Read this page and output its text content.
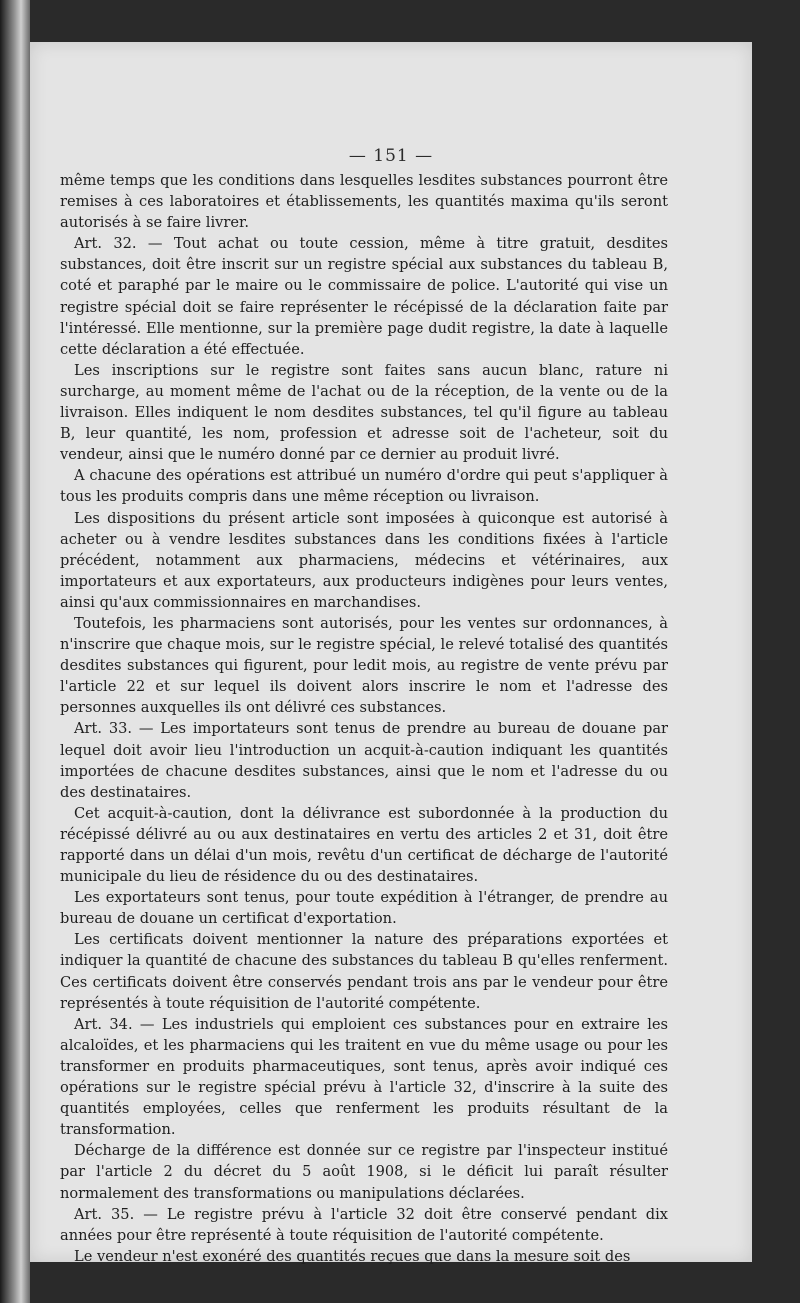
— 151 —

même temps que les conditions dans lesquelles lesdites substances pourront être remises à ces laboratoires et établissements, les quantités maxima qu'ils seront autorisés à se faire livrer.

Art. 32. — Tout achat ou toute cession, même à titre gratuit, desdites substances, doit être inscrit sur un registre spécial aux substances du tableau B, coté et paraphé par le maire ou le commissaire de police. L'autorité qui vise un registre spécial doit se faire représenter le récépissé de la déclaration faite par l'intéressé. Elle mentionne, sur la première page dudit registre, la date à laquelle cette déclaration a été effectuée.

Les inscriptions sur le registre sont faites sans aucun blanc, rature ni surcharge, au moment même de l'achat ou de la réception, de la vente ou de la livraison. Elles indiquent le nom desdites substances, tel qu'il figure au tableau B, leur quantité, les nom, profession et adresse soit de l'acheteur, soit du vendeur, ainsi que le numéro donné par ce dernier au produit livré.

A chacune des opérations est attribué un numéro d'ordre qui peut s'appliquer à tous les produits compris dans une même réception ou livraison.

Les dispositions du présent article sont imposées à quiconque est autorisé à acheter ou à vendre lesdites substances dans les conditions fixées à l'article précédent, notamment aux pharmaciens, médecins et vétérinaires, aux importateurs et aux exportateurs, aux producteurs indigènes pour leurs ventes, ainsi qu'aux commissionnaires en marchandises.

Toutefois, les pharmaciens sont autorisés, pour les ventes sur ordonnances, à n'inscrire que chaque mois, sur le registre spécial, le relevé totalisé des quantités desdites substances qui figurent, pour ledit mois, au registre de vente prévu par l'article 22 et sur lequel ils doivent alors inscrire le nom et l'adresse des personnes auxquelles ils ont délivré ces substances.

Art. 33. — Les importateurs sont tenus de prendre au bureau de douane par lequel doit avoir lieu l'introduction un acquit-à-caution indiquant les quantités importées de chacune desdites substances, ainsi que le nom et l'adresse du ou des destinataires.

Cet acquit-à-caution, dont la délivrance est subordonnée à la production du récépissé délivré au ou aux destinataires en vertu des articles 2 et 31, doit être rapporté dans un délai d'un mois, revêtu d'un certificat de décharge de l'autorité municipale du lieu de résidence du ou des destinataires.

Les exportateurs sont tenus, pour toute expédition à l'étranger, de prendre au bureau de douane un certificat d'exportation.

Les certificats doivent mentionner la nature des préparations exportées et indiquer la quantité de chacune des substances du tableau B qu'elles renferment. Ces certificats doivent être conservés pendant trois ans par le vendeur pour être représentés à toute réquisition de l'autorité compétente.

Art. 34. — Les industriels qui emploient ces substances pour en extraire les alcaloïdes, et les pharmaciens qui les traitent en vue du même usage ou pour les transformer en produits pharmaceutiques, sont tenus, après avoir indiqué ces opérations sur le registre spécial prévu à l'article 32, d'inscrire à la suite des quantités employées, celles que renferment les produits résultant de la transformation.

Décharge de la différence est donnée sur ce registre par l'inspecteur institué par l'article 2 du décret du 5 août 1908, si le déficit lui paraît résulter normalement des transformations ou manipulations déclarées.

Art. 35. — Le registre prévu à l'article 32 doit être conservé pendant dix années pour être représenté à toute réquisition de l'autorité compétente.

Le vendeur n'est exonéré des quantités reçues que dans la mesure soit des
